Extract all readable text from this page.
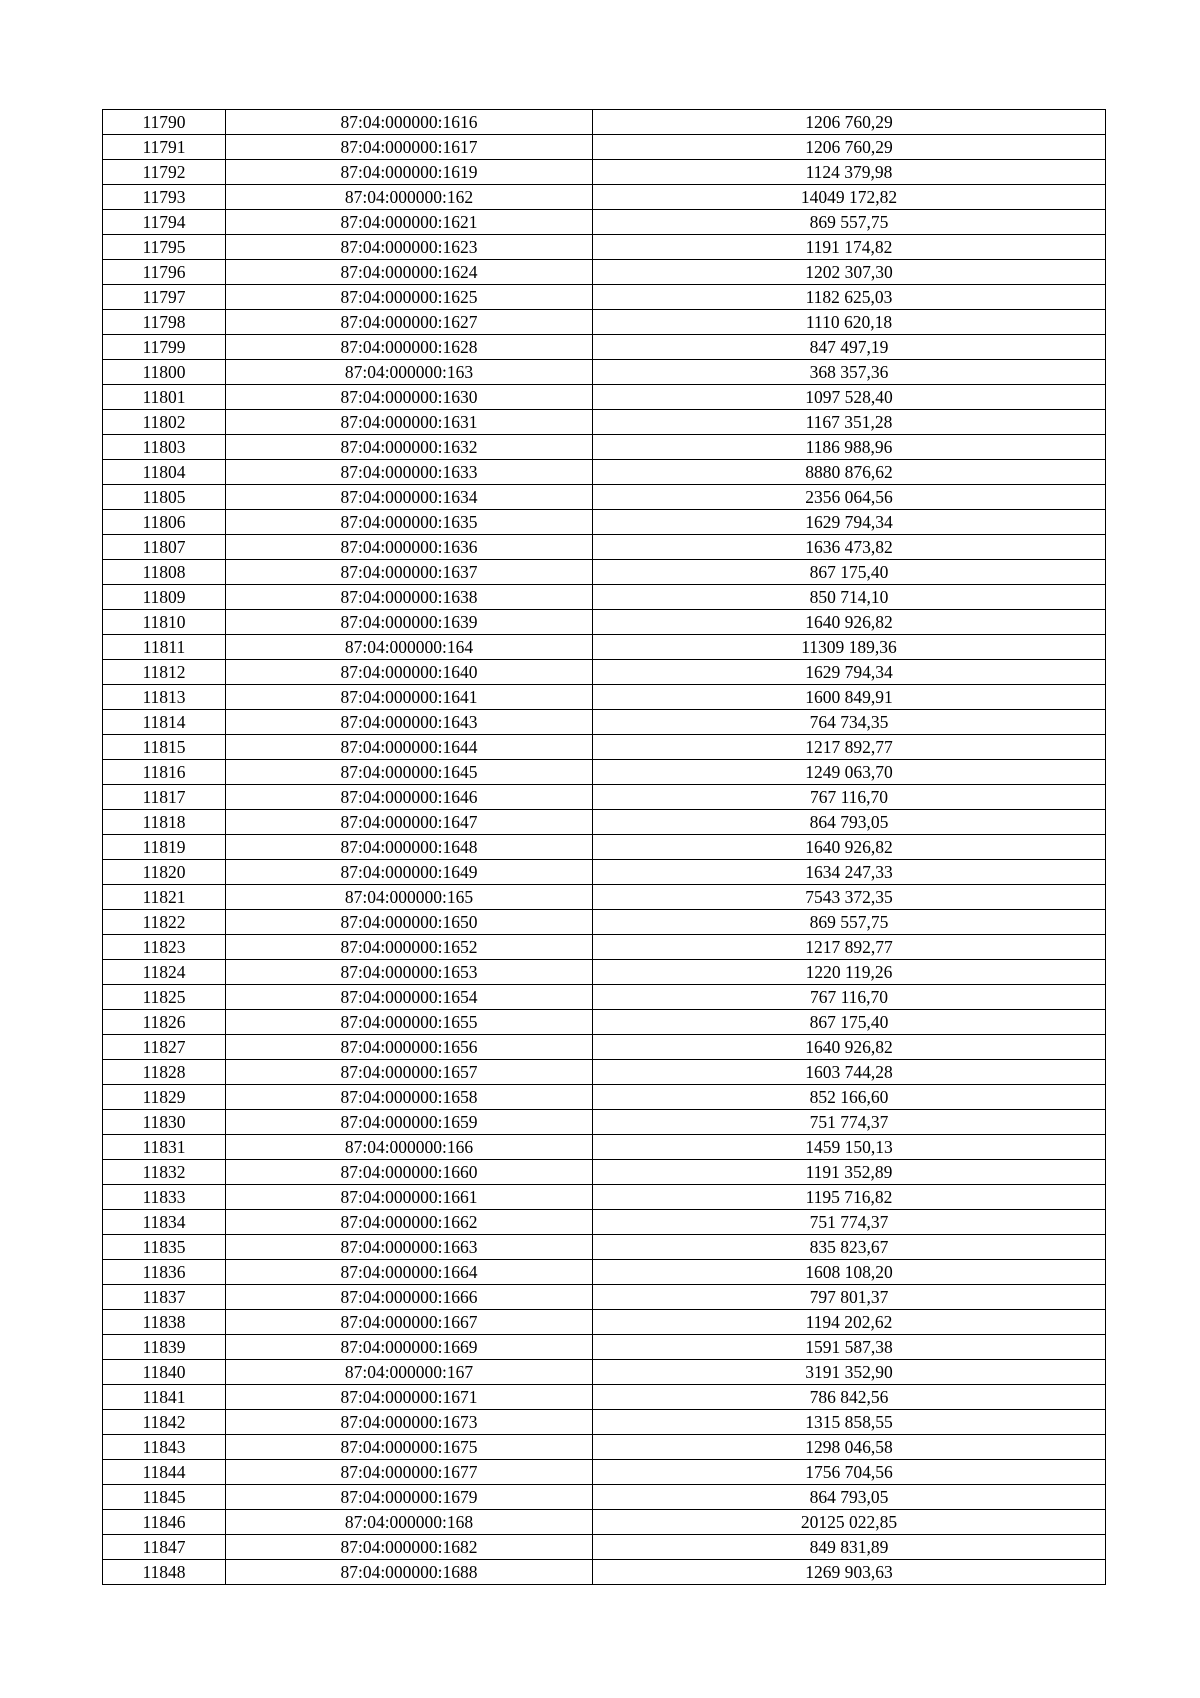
11790	87:04:000000:1616	1206 760,29
11791	87:04:000000:1617	1206 760,29
11792	87:04:000000:1619	1124 379,98
11793	87:04:000000:162	14049 172,82
11794	87:04:000000:1621	869 557,75
11795	87:04:000000:1623	1191 174,82
11796	87:04:000000:1624	1202 307,30
11797	87:04:000000:1625	1182 625,03
11798	87:04:000000:1627	1110 620,18
11799	87:04:000000:1628	847 497,19
11800	87:04:000000:163	368 357,36
11801	87:04:000000:1630	1097 528,40
11802	87:04:000000:1631	1167 351,28
11803	87:04:000000:1632	1186 988,96
11804	87:04:000000:1633	8880 876,62
11805	87:04:000000:1634	2356 064,56
11806	87:04:000000:1635	1629 794,34
11807	87:04:000000:1636	1636 473,82
11808	87:04:000000:1637	867 175,40
11809	87:04:000000:1638	850 714,10
11810	87:04:000000:1639	1640 926,82
11811	87:04:000000:164	11309 189,36
11812	87:04:000000:1640	1629 794,34
11813	87:04:000000:1641	1600 849,91
11814	87:04:000000:1643	764 734,35
11815	87:04:000000:1644	1217 892,77
11816	87:04:000000:1645	1249 063,70
11817	87:04:000000:1646	767 116,70
11818	87:04:000000:1647	864 793,05
11819	87:04:000000:1648	1640 926,82
11820	87:04:000000:1649	1634 247,33
11821	87:04:000000:165	7543 372,35
11822	87:04:000000:1650	869 557,75
11823	87:04:000000:1652	1217 892,77
11824	87:04:000000:1653	1220 119,26
11825	87:04:000000:1654	767 116,70
11826	87:04:000000:1655	867 175,40
11827	87:04:000000:1656	1640 926,82
11828	87:04:000000:1657	1603 744,28
11829	87:04:000000:1658	852 166,60
11830	87:04:000000:1659	751 774,37
11831	87:04:000000:166	1459 150,13
11832	87:04:000000:1660	1191 352,89
11833	87:04:000000:1661	1195 716,82
11834	87:04:000000:1662	751 774,37
11835	87:04:000000:1663	835 823,67
11836	87:04:000000:1664	1608 108,20
11837	87:04:000000:1666	797 801,37
11838	87:04:000000:1667	1194 202,62
11839	87:04:000000:1669	1591 587,38
11840	87:04:000000:167	3191 352,90
11841	87:04:000000:1671	786 842,56
11842	87:04:000000:1673	1315 858,55
11843	87:04:000000:1675	1298 046,58
11844	87:04:000000:1677	1756 704,56
11845	87:04:000000:1679	864 793,05
11846	87:04:000000:168	20125 022,85
11847	87:04:000000:1682	849 831,89
11848	87:04:000000:1688	1269 903,63
